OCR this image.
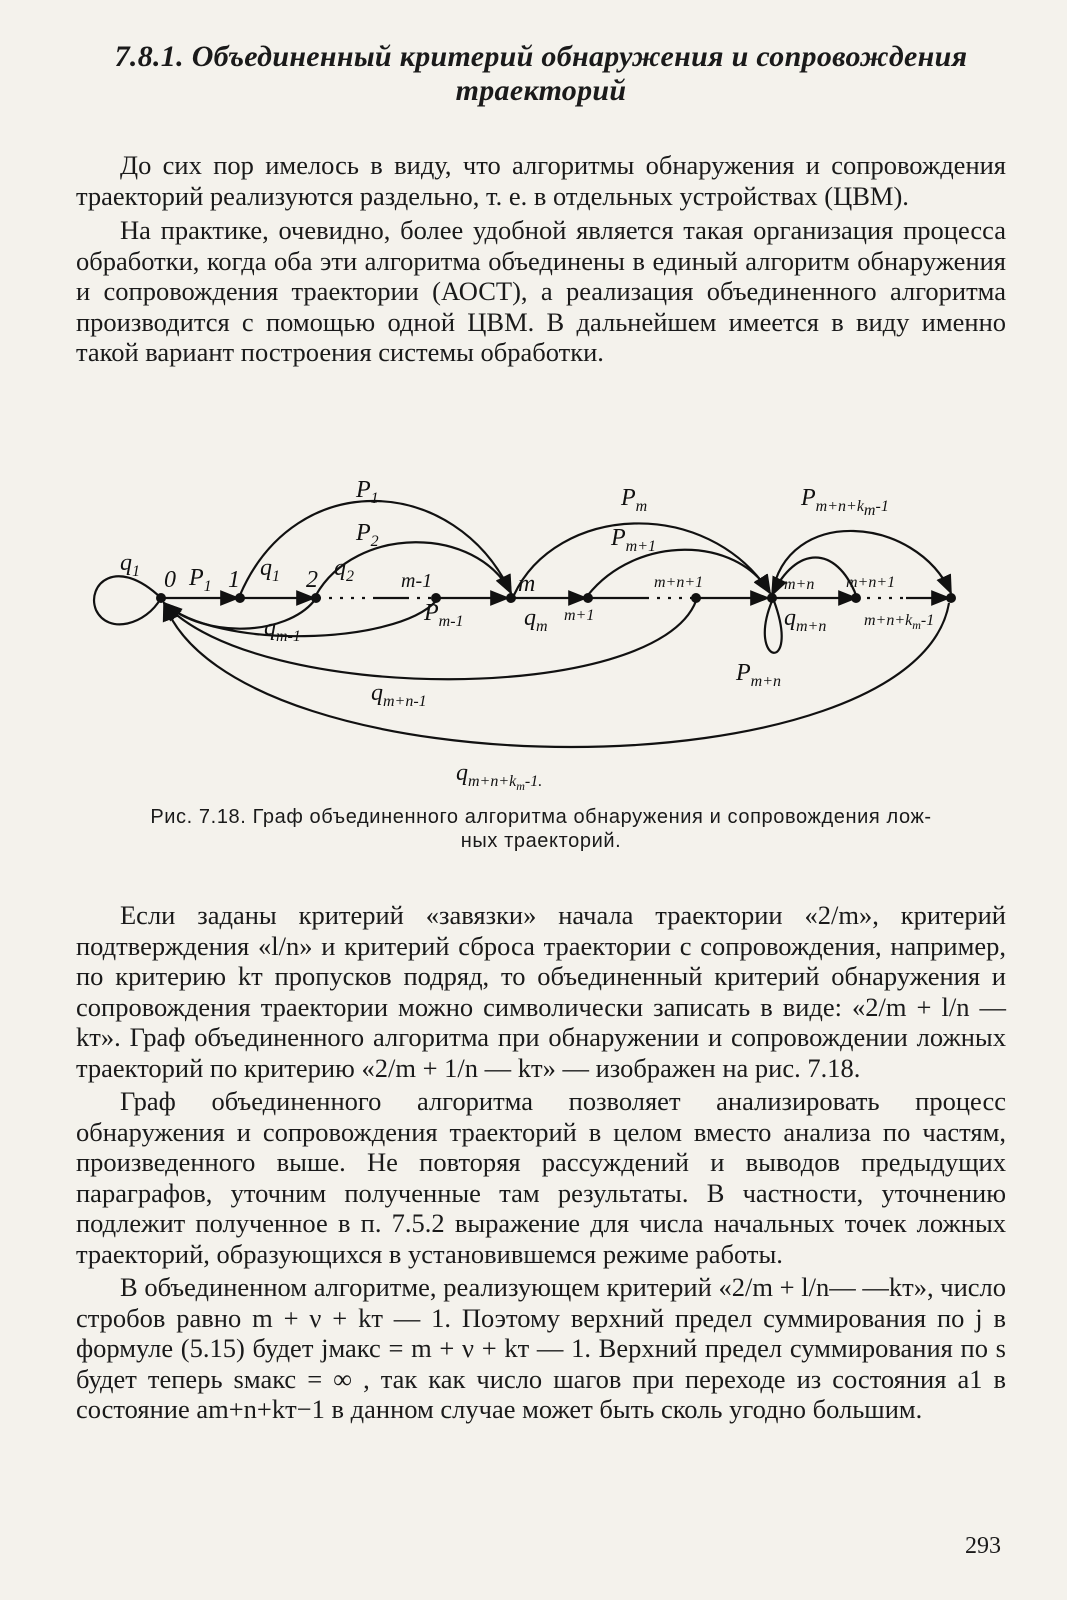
7.8.1. Объединенный критерий обнаружения и сопровождения
траекторий

До сих пор имелось в виду, что алгоритмы обнаружения и сопровождения траекторий реализуются раздельно, т. е. в отдельных устройствах (ЦВМ).

На практике, очевидно, более удобной является такая организация процесса обработки, когда оба эти алгоритма объединены в единый алгоритм обнаружения и сопровождения траектории (АОСТ), а реализация объединенного алгоритма производится с помощью одной ЦВМ. В дальнейшем имеется в виду именно такой вариант построения системы обработки.

$q_1$ 0 $P_1$ 1
$P_1$
$P_2$
$q_1$ 2 $q_2$ m-1
$q_{m-1}$
$P_{m-1}$
m
$q_m$
m+1
$P_m$
$P_{m+1}$
m+n+1
$P_{m+n+k}т-1$
m+n m+n+1
$q_{m+n}$
$P_{m+n}$
$m+n+k_т-1$
$q_{m+n-1}$
$q_{m+n+k}т-1$.
Рис. 7.18. Граф объединенного алгоритма обнаружения и сопровождения лож-
ных траекторий.

Если заданы критерий «завязки» начала траектории «2/m», критерий подтверждения «l/n» и критерий сброса траектории с сопровождения, например, по критерию kт пропусков подряд, то объединенный критерий обнаружения и сопровождения траектории можно символически записать в виде: «2/m + l/n — kт». Граф объединенного алгоритма при обнаружении и сопровождении ложных траекторий по критерию «2/m + 1/n — kт» — изображен на рис. 7.18.

Граф объединенного алгоритма позволяет анализировать процесс обнаружения и сопровождения траекторий в целом вместо анализа по частям, произведенного выше. Не повторяя рассуждений и выводов предыдущих параграфов, уточним полученные там результаты. В частности, уточнению подлежит полученное в п. 7.5.2 выражение для числа начальных точек ложных траекторий, образующихся в установившемся режиме работы.

В объединенном алгоритме, реализующем критерий «2/m + l/n— —kт», число стробов равно m + ν + kт — 1. Поэтому верхний предел суммирования по j в формуле (5.15) будет jмакс = m + ν + kт — 1. Верхний предел суммирования по s будет теперь sмакс = ∞ , так как число шагов при переходе из состояния a1 в состояние am+n+kт−1 в данном случае может быть сколь угодно большим.

293
